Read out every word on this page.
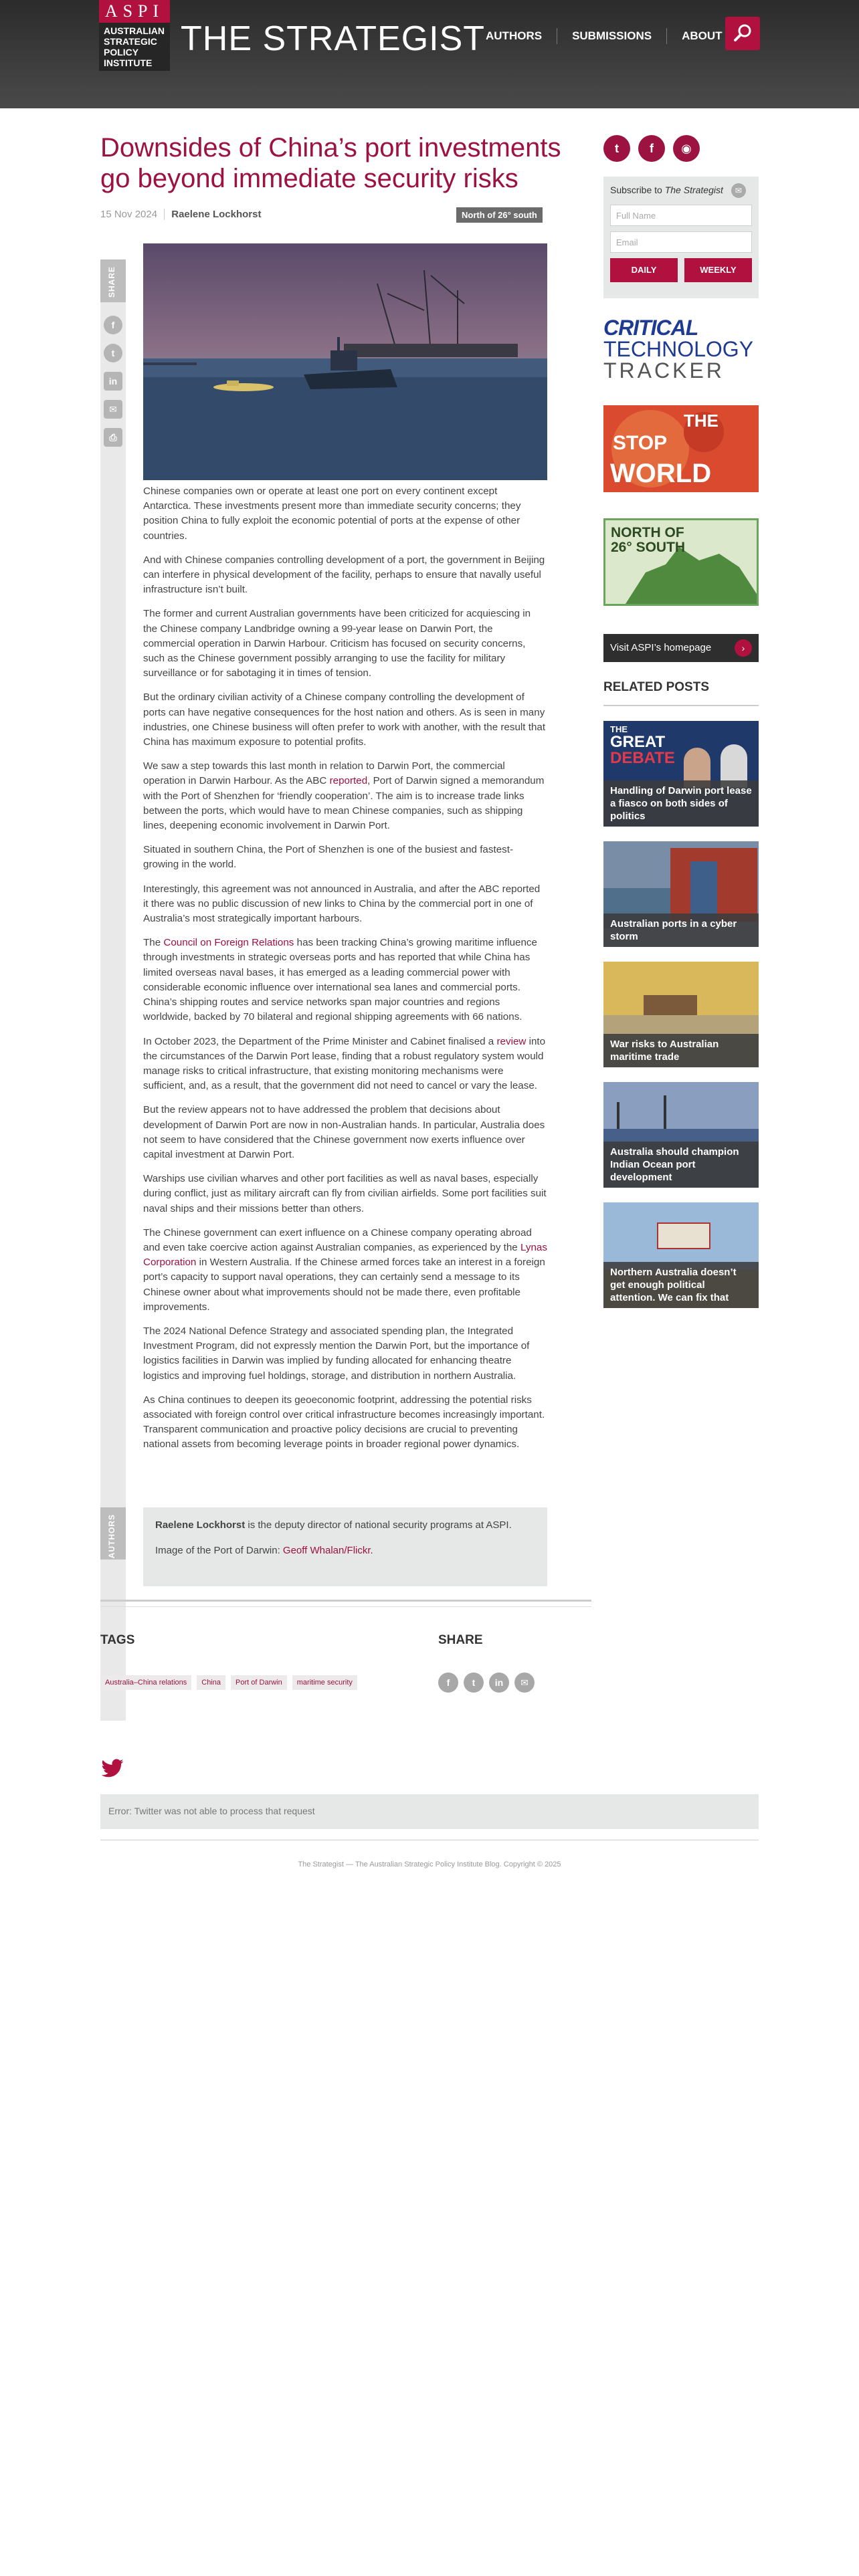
ASPI
AUSTRALIAN
STRATEGIC
POLICY
INSTITUTE
THE STRATEGIST AUTHORS	SUBMISSIONS	ABOUT
Downsides of China’s port investments go beyond immediate security risks
15 Nov 2024 Raelene Lockhorst	North of 26° south
SHARE
f
t
in
✉
⎙

Chinese companies own or operate at least one port on every continent except Antarctica. These investments present more than immediate security concerns; they position China to fully exploit the economic potential of ports at the expense of other countries.

And with Chinese companies controlling development of a port, the government in Beijing can interfere in physical development of the facility, perhaps to ensure that navally useful infrastructure isn’t built.

The former and current Australian governments have been criticized for acquiescing in the Chinese company Landbridge owning a 99-year lease on Darwin Port, the commercial operation in Darwin Harbour. Criticism has focused on security concerns, such as the Chinese government possibly arranging to use the facility for military surveillance or for sabotaging it in times of tension.

But the ordinary civilian activity of a Chinese company controlling the development of ports can have negative consequences for the host nation and others. As is seen in many industries, one Chinese business will often prefer to work with another, with the result that China has maximum exposure to potential profits.

We saw a step towards this last month in relation to Darwin Port, the commercial operation in Darwin Harbour. As the ABC reported, Port of Darwin signed a memorandum with the Port of Shenzhen for ‘friendly cooperation’. The aim is to increase trade links between the ports, which would have to mean Chinese companies, such as shipping lines, deepening economic involvement in Darwin Port.

Situated in southern China, the Port of Shenzhen is one of the busiest and fastest-growing in the world.

Interestingly, this agreement was not announced in Australia, and after the ABC reported it there was no public discussion of new links to China by the commercial port in one of Australia’s most strategically important harbours.

The Council on Foreign Relations has been tracking China’s growing maritime influence through investments in strategic overseas ports and has reported that while China has limited overseas naval bases, it has emerged as a leading commercial power with considerable economic influence over international sea lanes and commercial ports. China’s shipping routes and service networks span major countries and regions worldwide, backed by 70 bilateral and regional shipping agreements with 66 nations.

In October 2023, the Department of the Prime Minister and Cabinet finalised a review into the circumstances of the Darwin Port lease, finding that a robust regulatory system would manage risks to critical infrastructure, that existing monitoring mechanisms were sufficient, and, as a result, that the government did not need to cancel or vary the lease.

But the review appears not to have addressed the problem that decisions about development of Darwin Port are now in non-Australian hands. In particular, Australia does not seem to have considered that the Chinese government now exerts influence over capital investment at Darwin Port.

Warships use civilian wharves and other port facilities as well as naval bases, especially during conflict, just as military aircraft can fly from civilian airfields. Some port facilities suit naval ships and their missions better than others.

The Chinese government can exert influence on a Chinese company operating abroad and even take coercive action against Australian companies, as experienced by the Lynas Corporation in Western Australia. If the Chinese armed forces take an interest in a foreign port’s capacity to support naval operations, they can certainly send a message to its Chinese owner about what improvements should not be made there, even profitable improvements.

The 2024 National Defence Strategy and associated spending plan, the Integrated Investment Program, did not expressly mention the Darwin Port, but the importance of logistics facilities in Darwin was implied by funding allocated for enhancing theatre logistics and improving fuel holdings, storage, and distribution in northern Australia.

As China continues to deepen its geoeconomic footprint, addressing the potential risks associated with foreign control over critical infrastructure becomes increasingly important. Transparent communication and proactive policy decisions are crucial to preventing national assets from becoming leverage points in broader regional power dynamics.

AUTHORS	Raelene Lockhorst is the deputy director of national security programs at ASPI.

Image of the Port of Darwin: Geoff Whalan/Flickr.

TAGS
Australia–China relations	China	Port of Darwin	maritime security
SHARE
f	t	in	✉
Error: Twitter was not able to process that request
The Strategist — The Australian Strategic Policy Institute Blog. Copyright © 2025
t	f	◉
Subscribe to The Strategist ✉
Full Name
Email
DAILY	WEEKLY
CRITICAL
TECHNOLOGY
TRACKER
STOP
THE
WORLD
NORTH OF
26° SOUTH
Visit ASPI’s homepage	›
RELATED POSTS
THE
GREAT
DEBATE
Handling of Darwin port lease a fiasco on both sides of politics
Australian ports in a cyber storm
War risks to Australian maritime trade
Australia should champion Indian Ocean port development
Northern Australia doesn’t get enough political attention. We can fix that
